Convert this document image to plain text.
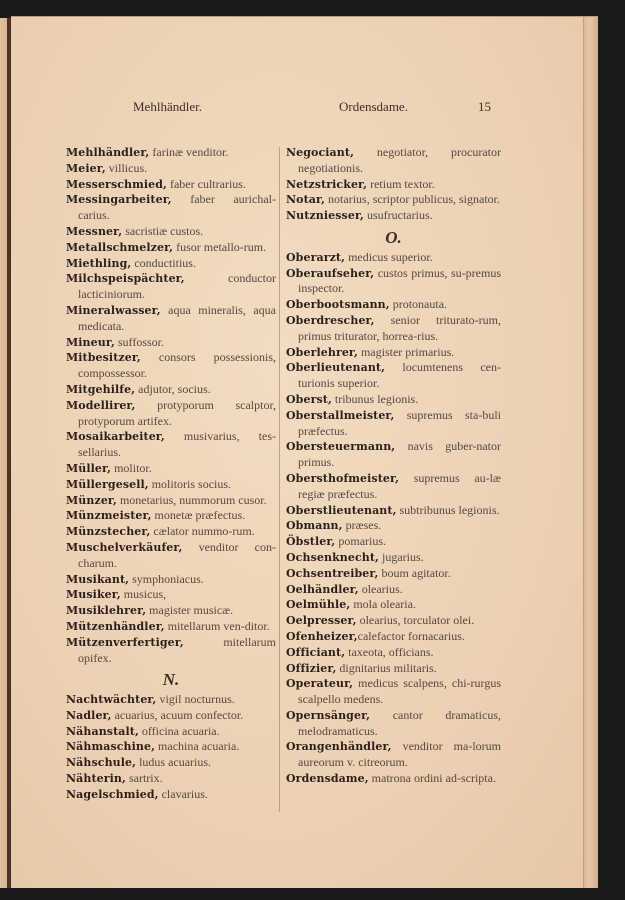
Mehlhändler.	Ordensdame.	15

Mehlhändler, farinæ venditor.

Meier, villicus.

Messerschmied, faber cultrarius.

Messingarbeiter, faber aurichal-carius.

Messner, sacristiæ custos.

Metallschmelzer, fusor metallo-rum.

Miethling, conductitius.

Milchspeispächter, conductor lacticiniorum.

Mineralwasser, aqua mineralis, aqua medicata.

Mineur, suffossor.

Mitbesitzer, consors possessionis, compossessor.

Mitgehilfe, adjutor, socius.

Modellirer, protyporum scalptor, protyporum artifex.

Mosaikarbeiter, musivarius, tes-sellarius.

Müller, molitor.

Müllergesell, molitoris socius.

Münzer, monetarius, nummorum cusor.

Münzmeister, monetæ præfectus.

Münzstecher, cælator nummo-rum.

Muschelverkäufer, venditor con-charum.

Musikant, symphoniacus.

Musiker, musicus,

Musiklehrer, magister musicæ.

Mützenhändler, mitellarum ven-ditor.

Mützenverfertiger, mitellarum opifex.

N.

Nachtwächter, vigil nocturnus.

Nadler, acuarius, acuum confector.

Nähanstalt, officina acuaria.

Nähmaschine, machina acuaria.

Nähschule, ludus acuarius.

Nähterin, sartrix.

Nagelschmied, clavarius.

Negociant, negotiator, procurator negotiationis.

Netzstricker, retium textor.

Notar, notarius, scriptor publicus, signator.

Nutzniesser, usufructarius.

O.

Oberarzt, medicus superior.

Oberaufseher, custos primus, su-premus inspector.

Oberbootsmann, protonauta.

Oberdrescher, senior triturato-rum, primus triturator, horrea-rius.

Oberlehrer, magister primarius.

Oberlieutenant, locumtenens cen-turionis superior.

Oberst, tribunus legionis.

Oberstallmeister, supremus sta-buli præfectus.

Obersteuermann, navis guber-nator primus.

Obersthofmeister, supremus au-læ regiæ præfectus.

Oberstlieutenant, subtribunus legionis.

Obmann, præses.

Öbstler, pomarius.

Ochsenknecht, jugarius.

Ochsentreiber, boum agitator.

Oelhändler, olearius.

Oelmühle, mola olearia.

Oelpresser, olearius, torculator olei.

Ofenheizer,calefactor fornacarius.

Officiant, taxeota, officians.

Offizier, dignitarius militaris.

Operateur, medicus scalpens, chi-rurgus scalpello medens.

Opernsänger, cantor dramaticus, melodramaticus.

Orangenhändler, venditor ma-lorum aureorum v. citreorum.

Ordensdame, matrona ordini ad-scripta.
